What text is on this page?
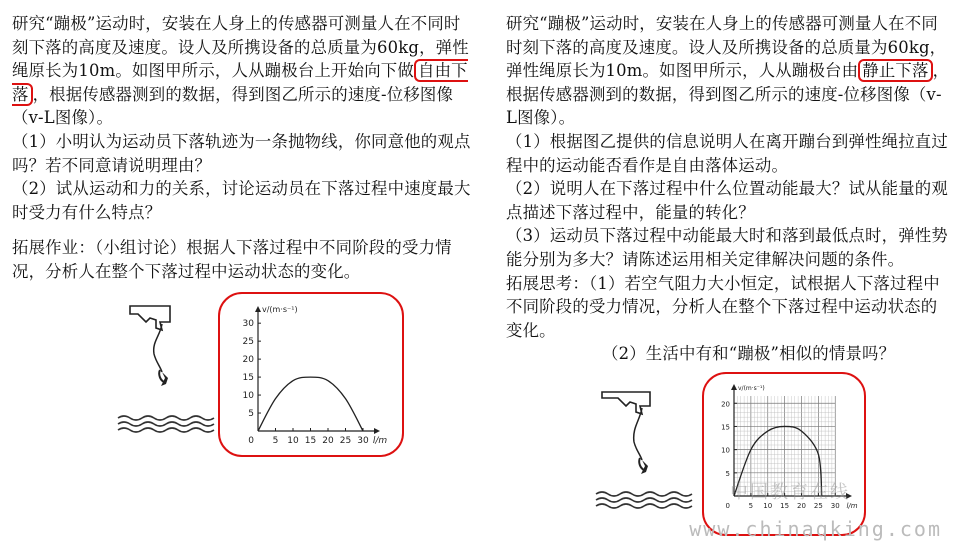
研究“蹦极”运动时，安装在人身上的传感器可测量人在不同时刻下落的高度及速度。设人及所携设备的总质量为60kg，弹性绳原长为10m。如图甲所示，人从蹦极台上开始向下做 自由下落 ，根据传感器测到的数据，得到图乙所示的速度-位移图像（v-L图像）。
（1）小明认为运动员下落轨迹为一条抛物线，你同意他的观点吗？若不同意请说明理由？
（2）试从运动和力的关系，讨论运动员在下落过程中速度最大时受力有什么特点？
拓展作业：（小组讨论）根据人下落过程中不同阶段的受力情况，分析人在整个下落过程中运动状态的变化。
研究“蹦极”运动时，安装在人身上的传感器可测量人在不同时刻下落的高度及速度。设人及所携设备的总质量为60kg，弹性绳原长为10m。如图甲所示，人从蹦极台由 静止下落 ，根据传感器测到的数据，得到图乙所示的速度-位移图像（v-L图像）。
（1）根据图乙提供的信息说明人在离开蹦台到弹性绳拉直过程中的运动能否看作是自由落体运动。
（2）说明人在下落过程中什么位置动能最大？试从能量的观点描述下落过程中，能量的转化？
（3）运动员下落过程中动能最大时和落到最低点时，弹性势能分别为多大？请陈述运用相关定律解决问题的条件。
拓展思考：（1）若空气阻力大小恒定，试根据人下落过程中不同阶段的受力情况，分析人在整个下落过程中运动状态的变化。
（2）生活中有和“蹦极”相似的情景吗？
5 10 15 20 25 30
5
10
15
20
25
30
0	l/m
v/(m·s⁻¹)
5 10 15 20 25 30
5
10
15
20
0	l/m
v/(m·s⁻¹)
中国教育在线
www.chinaqking.com
